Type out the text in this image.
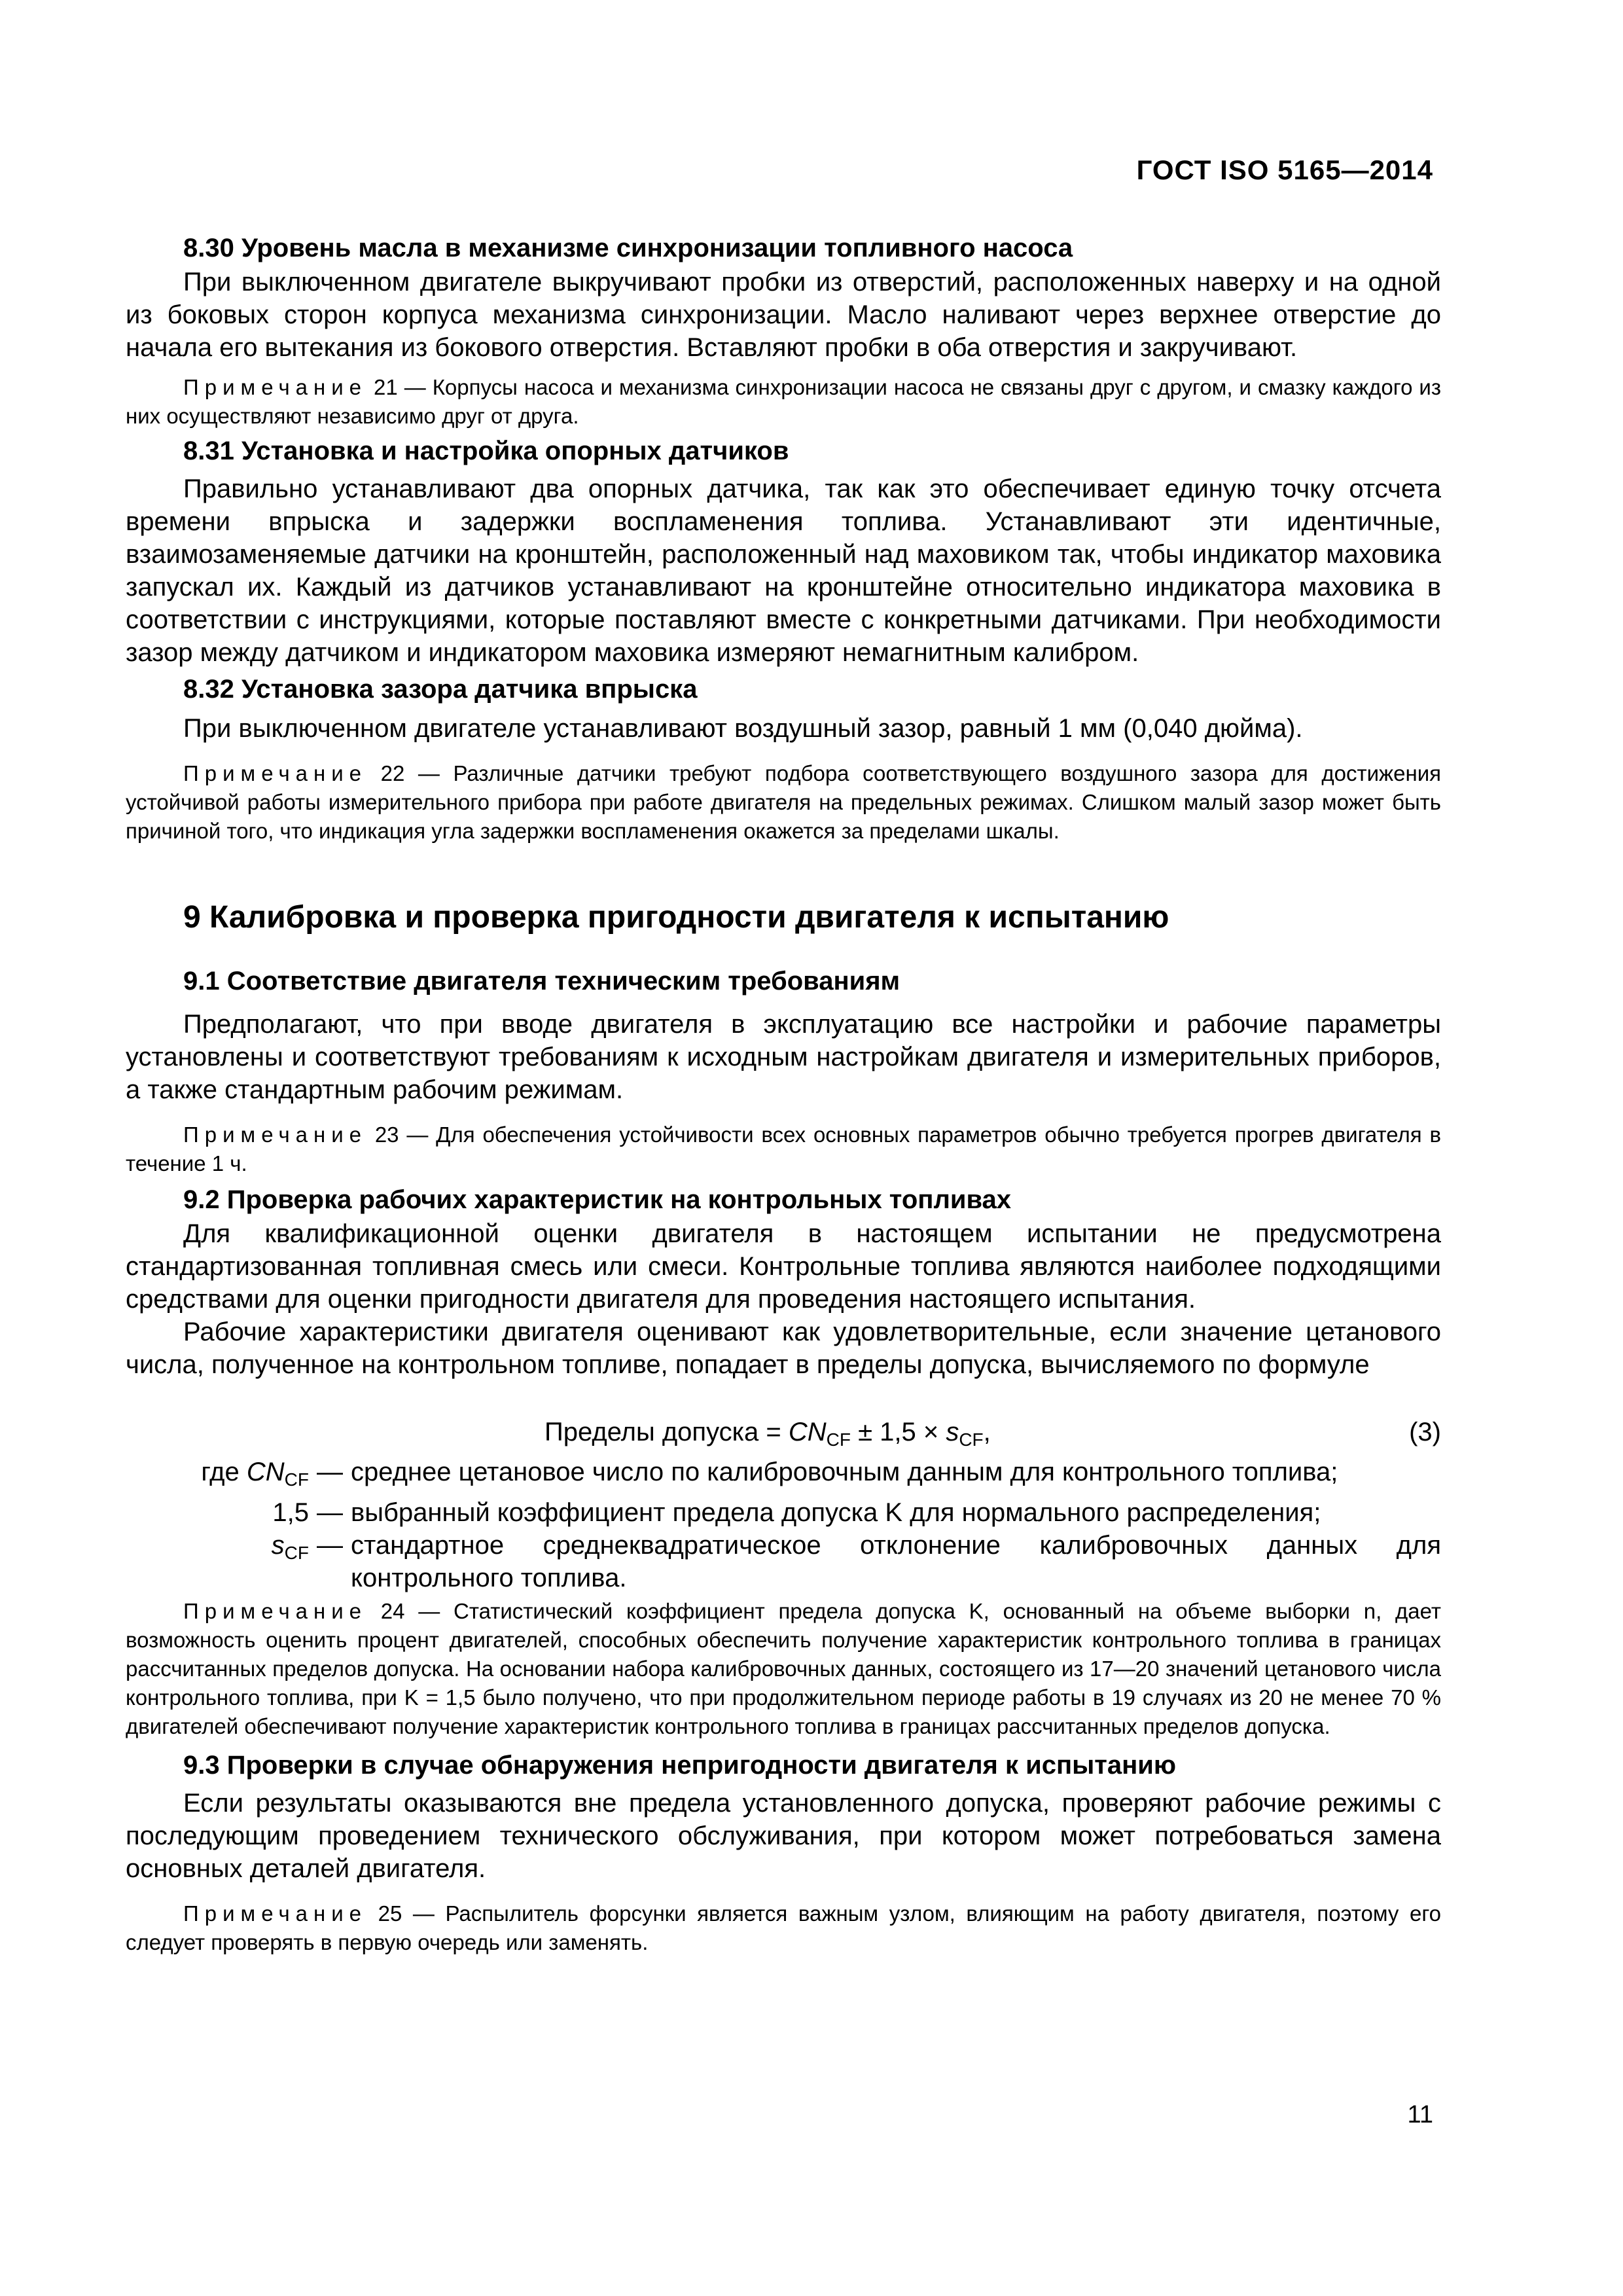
ГОСТ ISO 5165—2014
8.30 Уровень масла в механизме синхронизации топливного насоса

При выключенном двигателе выкручивают пробки из отверстий, расположенных наверху и на одной из боковых сторон корпуса механизма синхронизации. Масло наливают через верхнее отверстие до начала его вытекания из бокового отверстия. Вставляют пробки в оба отверстия и закручивают.

Примечание 21 — Корпусы насоса и механизма синхронизации насоса не связаны друг с другом, и смазку каждого из них осуществляют независимо друг от друга.

8.31 Установка и настройка опорных датчиков

Правильно устанавливают два опорных датчика, так как это обеспечивает единую точку отсчета времени впрыска и задержки воспламенения топлива. Устанавливают эти идентичные, взаимозаменяемые датчики на кронштейн, расположенный над маховиком так, чтобы индикатор маховика запускал их. Каждый из датчиков устанавливают на кронштейне относительно индикатора маховика в соответствии с инструкциями, которые поставляют вместе с конкретными датчиками. При необходимости зазор между датчиком и индикатором маховика измеряют немагнитным калибром.

8.32 Установка зазора датчика впрыска

При выключенном двигателе устанавливают воздушный зазор, равный 1 мм (0,040 дюйма).

Примечание 22 — Различные датчики требуют подбора соответствующего воздушного зазора для достижения устойчивой работы измерительного прибора при работе двигателя на предельных режимах. Слишком малый зазор может быть причиной того, что индикация угла задержки воспламенения окажется за пределами шкалы.

9 Калибровка и проверка пригодности двигателя к испытанию
9.1 Соответствие двигателя техническим требованиям

Предполагают, что при вводе двигателя в эксплуатацию все настройки и рабочие параметры установлены и соответствуют требованиям к исходным настройкам двигателя и измерительных приборов, а также стандартным рабочим режимам.

Примечание 23 — Для обеспечения устойчивости всех основных параметров обычно требуется прогрев двигателя в течение 1 ч.

9.2 Проверка рабочих характеристик на контрольных топливах

Для квалификационной оценки двигателя в настоящем испытании не предусмотрена стандартизованная топливная смесь или смеси. Контрольные топлива являются наиболее подходящими средствами для оценки пригодности двигателя для проведения настоящего испытания.

Рабочие характеристики двигателя оценивают как удовлетворительные, если значение цетанового числа, полученное на контрольном топливе, попадает в пределы допуска, вычисляемого по формуле

Пределы допуска = $CN_{CF} \pm 1,5 \times s_{CF}$,	(3)
где $CN_{CF}$ — среднее цетановое число по калибровочным данным для контрольного топлива;
1,5 — выбранный коэффициент предела допуска K для нормального распределения;
$s_{CF}$ — стандартное среднеквадратическое отклонение калибровочных данных для контрольного топлива.

Примечание 24 — Статистический коэффициент предела допуска K, основанный на объеме выборки n, дает возможность оценить процент двигателей, способных обеспечить получение характеристик контрольного топлива в границах рассчитанных пределов допуска. На основании набора калибровочных данных, состоящего из 17—20 значений цетанового числа контрольного топлива, при K = 1,5 было получено, что при продолжительном периоде работы в 19 случаях из 20 не менее 70 % двигателей обеспечивают получение характеристик контрольного топлива в границах рассчитанных пределов допуска.

9.3 Проверки в случае обнаружения непригодности двигателя к испытанию

Если результаты оказываются вне предела установленного допуска, проверяют рабочие режимы с последующим проведением технического обслуживания, при котором может потребоваться замена основных деталей двигателя.

Примечание 25 — Распылитель форсунки является важным узлом, влияющим на работу двигателя, поэтому его следует проверять в первую очередь или заменять.

11
